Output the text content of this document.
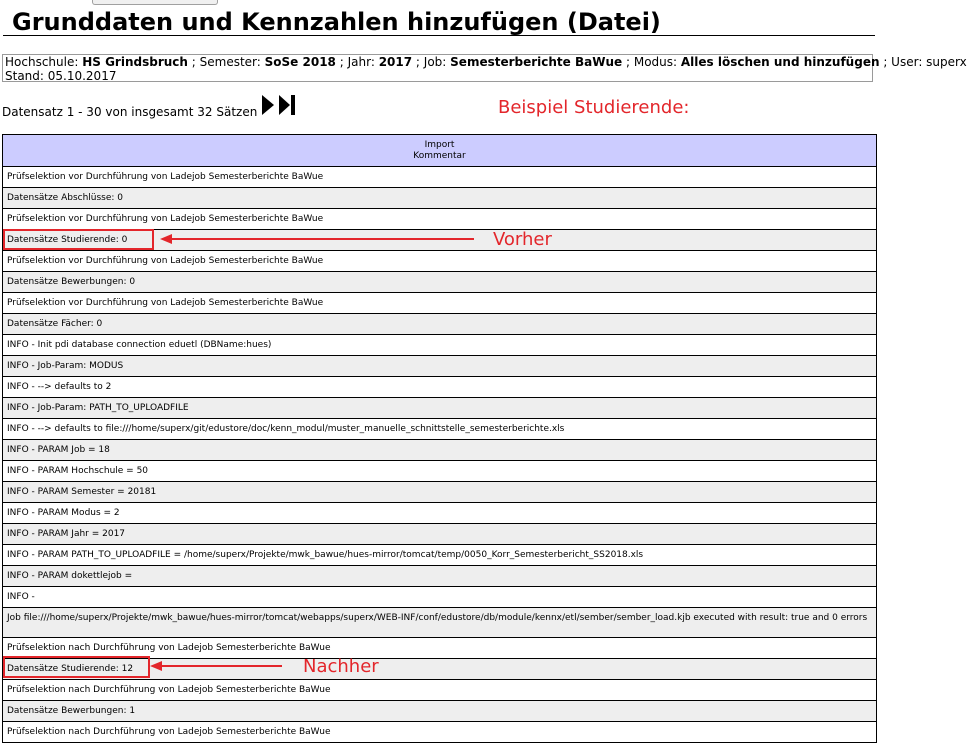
Grunddaten und Kennzahlen hinzufügen (Datei)
Hochschule: HS Grindsbruch ; Semester: SoSe 2018 ; Jahr: 2017 ; Job: Semesterberichte BaWue ; Modus: Alles löschen und hinzufügen ; User: superx
Stand: 05.10.2017
Datensatz 1 - 30 von insgesamt 32 Sätzen	Beispiel Studierende:
Import
Kommentar
Prüfselektion vor Durchführung von Ladejob Semesterberichte BaWue
Datensätze Abschlüsse: 0
Prüfselektion vor Durchführung von Ladejob Semesterberichte BaWue
Datensätze Studierende: 0
Prüfselektion vor Durchführung von Ladejob Semesterberichte BaWue
Datensätze Bewerbungen: 0
Prüfselektion vor Durchführung von Ladejob Semesterberichte BaWue
Datensätze Fächer: 0
INFO - Init pdi database connection eduetl (DBName:hues)
INFO - Job-Param: MODUS
INFO - --> defaults to 2
INFO - Job-Param: PATH_TO_UPLOADFILE
INFO - --> defaults to file:///home/superx/git/edustore/doc/kenn_modul/muster_manuelle_schnittstelle_semesterberichte.xls
INFO - PARAM Job = 18
INFO - PARAM Hochschule = 50
INFO - PARAM Semester = 20181
INFO - PARAM Modus = 2
INFO - PARAM Jahr = 2017
INFO - PARAM PATH_TO_UPLOADFILE = /home/superx/Projekte/mwk_bawue/hues-mirror/tomcat/temp/0050_Korr_Semesterbericht_SS2018.xls
INFO - PARAM dokettlejob =
INFO -
Job file:///home/superx/Projekte/mwk_bawue/hues-mirror/tomcat/webapps/superx/WEB-INF/conf/edustore/db/module/kennx/etl/sember/sember_load.kjb executed with result: true and 0 errors
Prüfselektion nach Durchführung von Ladejob Semesterberichte BaWue
Datensätze Studierende: 12
Prüfselektion nach Durchführung von Ladejob Semesterberichte BaWue
Datensätze Bewerbungen: 1
Prüfselektion nach Durchführung von Ladejob Semesterberichte BaWue
Vorher
Nachher
